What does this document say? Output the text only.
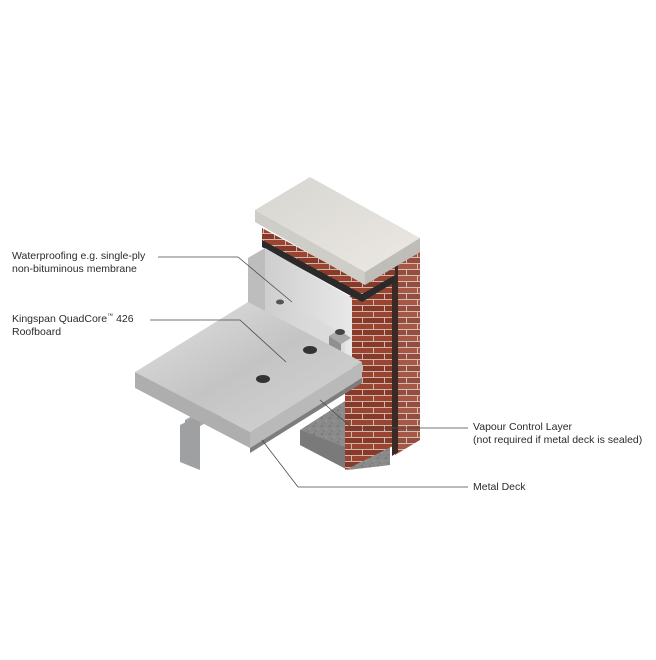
Waterproofing e.g. single-ply
non-bituminous membrane
Kingspan QuadCore™ 426
Roofboard
Vapour Control Layer
(not required if metal deck is sealed)
Metal Deck
